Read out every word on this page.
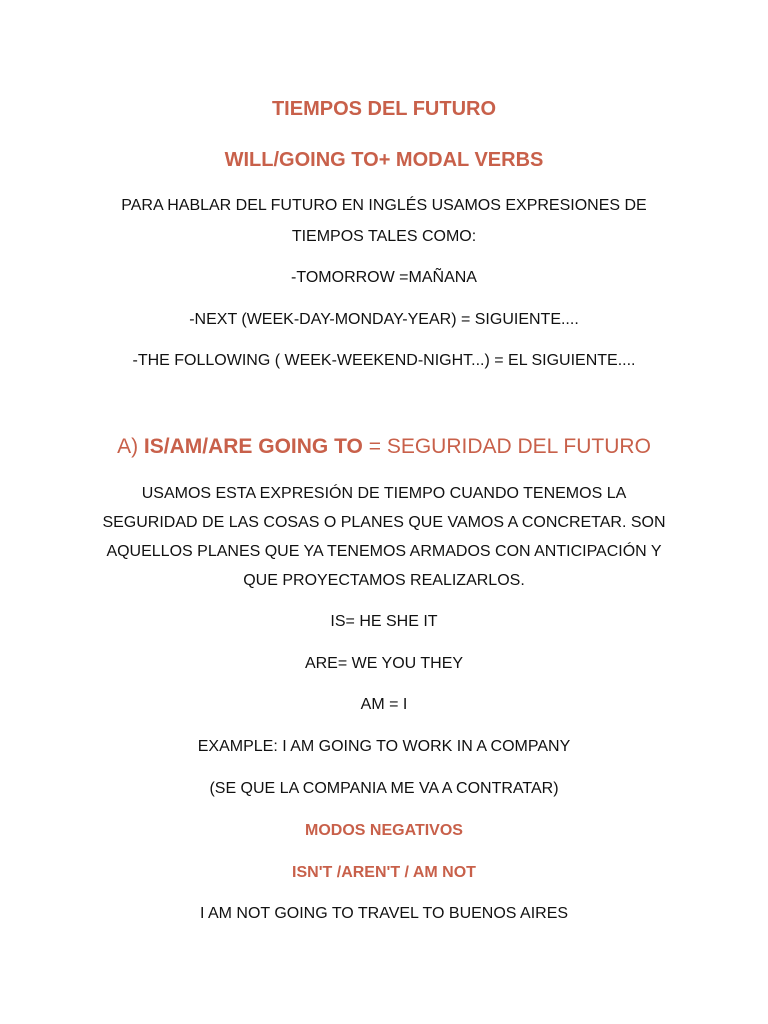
TIEMPOS DEL FUTURO
WILL/GOING TO+ MODAL VERBS
PARA HABLAR DEL FUTURO EN INGLÉS USAMOS EXPRESIONES DE
TIEMPOS TALES COMO:
-TOMORROW =MAÑANA
-NEXT (WEEK-DAY-MONDAY-YEAR) = SIGUIENTE....
-THE FOLLOWING ( WEEK-WEEKEND-NIGHT...) = EL SIGUIENTE....
A) IS/AM/ARE GOING TO = SEGURIDAD DEL FUTURO
USAMOS ESTA EXPRESIÓN DE TIEMPO CUANDO TENEMOS LA
SEGURIDAD DE LAS COSAS O PLANES QUE VAMOS A CONCRETAR. SON
AQUELLOS PLANES QUE YA TENEMOS ARMADOS CON ANTICIPACIÓN Y
QUE PROYECTAMOS REALIZARLOS.
IS= HE SHE IT
ARE= WE YOU THEY
AM = I
EXAMPLE: I AM GOING TO WORK IN A COMPANY
(SE QUE LA COMPANIA ME VA A CONTRATAR)
MODOS NEGATIVOS
ISN'T /AREN'T / AM NOT
I AM NOT GOING TO TRAVEL TO BUENOS AIRES
